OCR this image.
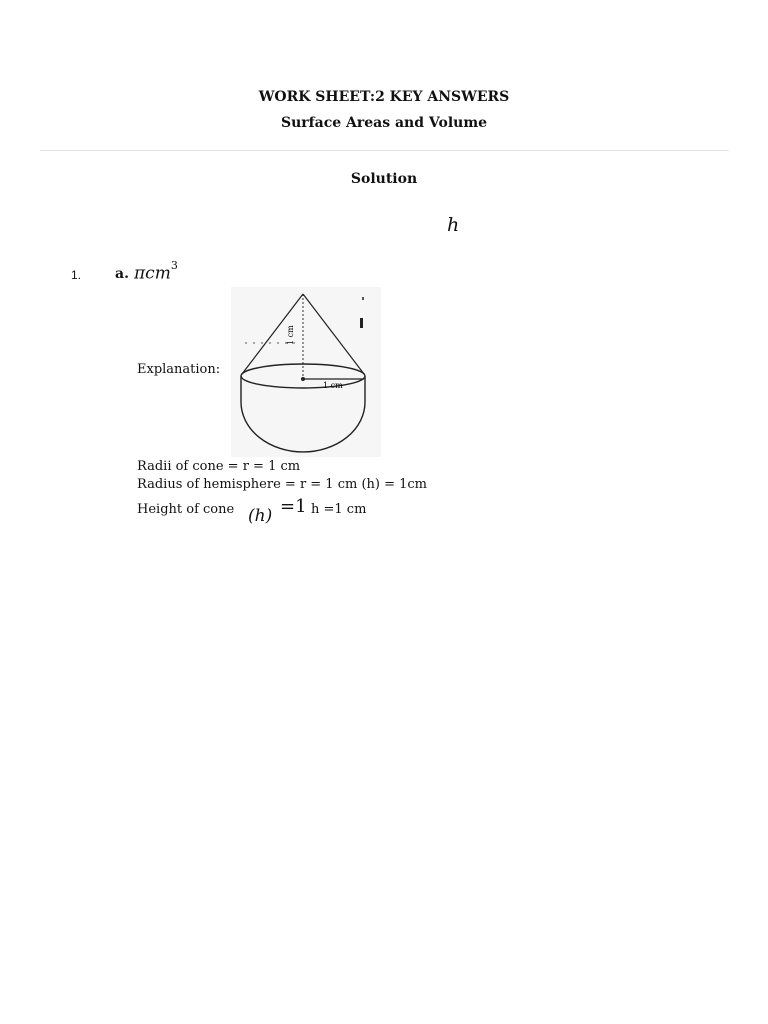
WORK SHEET:2 KEY ANSWERS
Surface Areas and Volume
Solution
h
1. a. πcm$^3$
1 cm
1 cm
Explanation:
Radii of cone = r = 1 cm
Radius of hemisphere = r = 1 cm (h) = 1cm
Height of cone (h) =1 h =1 cm
